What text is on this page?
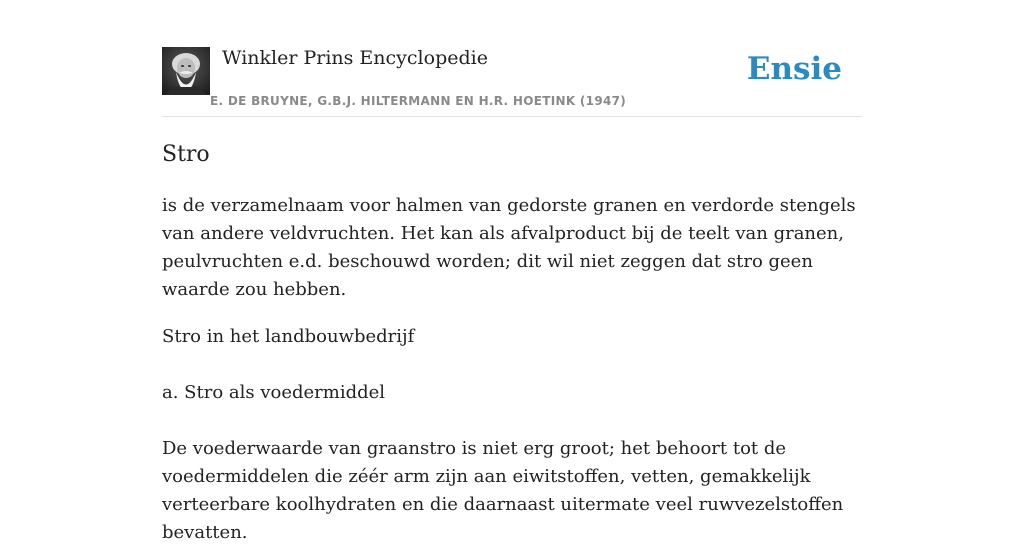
Winkler Prins Encyclopedie
E. DE BRUYNE, G.B.J. HILTERMANN EN H.R. HOETINK (1947)
Ensie
Stro

is de verzamelnaam voor halmen van gedorste granen en verdorde stengels van andere veldvruchten. Het kan als afvalproduct bij de teelt van granen, peulvruchten e.d. beschouwd worden; dit wil niet zeggen dat stro geen waarde zou hebben.

Stro in het landbouwbedrijf

a. Stro als voedermiddel

De voederwaarde van graanstro is niet erg groot; het behoort tot de voedermiddelen die zéér arm zijn aan eiwitstoffen, vetten, gemakkelijk verteerbare koolhydraten en die daarnaast uitermate veel ruwvezelstoffen bevatten.
